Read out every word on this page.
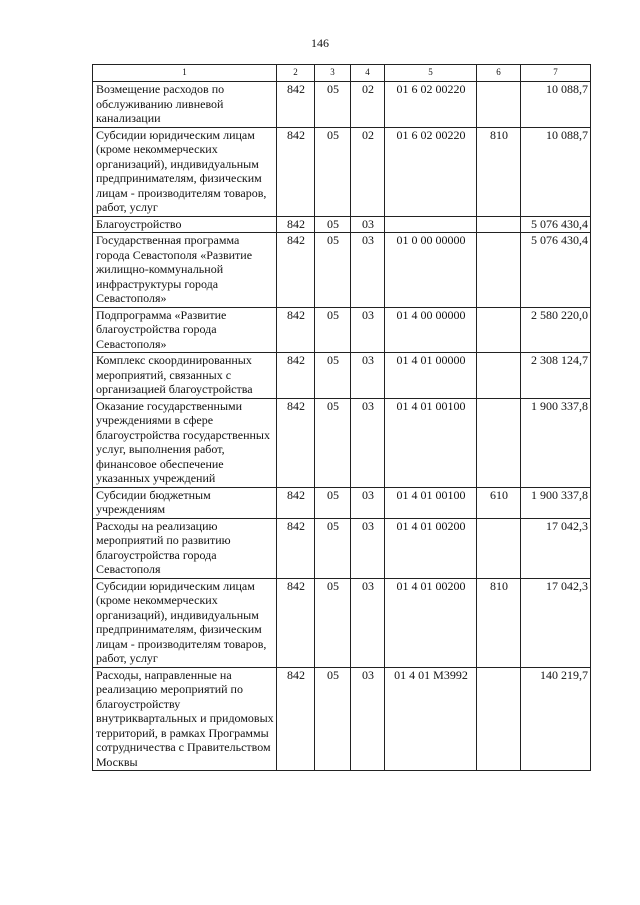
146
1	2	3	4	5	6	7
Возмещение расходов по обслуживанию ливневой канализации	842	05	02	01 6 02 00220		10 088,7
Субсидии юридическим лицам (кроме некоммерческих организаций), индивидуальным предпринимателям, физическим лицам - производителям товаров, работ, услуг	842	05	02	01 6 02 00220	810	10 088,7
Благоустройство	842	05	03			5 076 430,4
Государственная программа города Севастополя «Развитие жилищно-коммунальной инфраструктуры города Севастополя»	842	05	03	01 0 00 00000		5 076 430,4
Подпрограмма «Развитие благоустройства города Севастополя»	842	05	03	01 4 00 00000		2 580 220,0
Комплекс скоординированных мероприятий, связанных с организацией благоустройства	842	05	03	01 4 01 00000		2 308 124,7
Оказание государственными учреждениями в сфере благоустройства государственных услуг, выполнения работ, финансовое обеспечение указанных учреждений	842	05	03	01 4 01 00100		1 900 337,8
Субсидии бюджетным учреждениям	842	05	03	01 4 01 00100	610	1 900 337,8
Расходы на реализацию мероприятий по развитию благоустройства города Севастополя	842	05	03	01 4 01 00200		17 042,3
Субсидии юридическим лицам (кроме некоммерческих организаций), индивидуальным предпринимателям, физическим лицам - производителям товаров, работ, услуг	842	05	03	01 4 01 00200	810	17 042,3
Расходы, направленные на реализацию мероприятий по благоустройству внутриквартальных и придомовых территорий, в рамках Программы сотрудничества с Правительством Москвы	842	05	03	01 4 01 М3992		140 219,7
